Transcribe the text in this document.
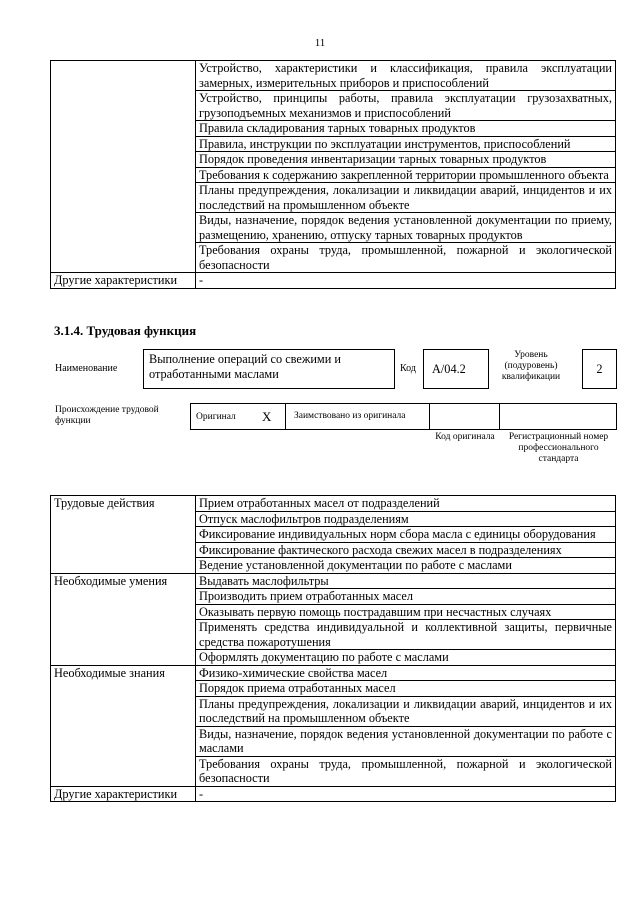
11
	Устройство, характеристики и классификация, правила эксплуатации замерных, измерительных приборов и приспособлений
	Устройство, принципы работы, правила эксплуатации грузозахватных, грузоподъемных механизмов и приспособлений
	Правила складирования тарных товарных продуктов
	Правила, инструкции по эксплуатации инструментов, приспособлений
	Порядок проведения инвентаризации тарных товарных продуктов
	Требования к содержанию закрепленной территории промышленного объекта
	Планы предупреждения, локализации и ликвидации аварий, инцидентов и их последствий на промышленном объекте
	Виды, назначение, порядок ведения установленной документации по приему, размещению, хранению, отпуску тарных товарных продуктов
	Требования охраны труда, промышленной, пожарной и экологической безопасности
Другие характеристики	-
3.1.4. Трудовая функция
Наименование
Выполнение операций со свежими и отработанными маслами	Код	А/04.2
Уровень (подуровень) квалификации
2
Происхождение трудовой функции	Оригинал Х	Заимствовано из оригинала
Код оригинала	Регистрационный номер профессионального стандарта
Трудовые действия	Прием отработанных масел от подразделений
	Отпуск маслофильтров подразделениям
	Фиксирование индивидуальных норм сбора масла с единицы оборудования
	Фиксирование фактического расхода свежих масел в подразделениях
	Ведение установленной документации по работе с маслами
Необходимые умения	Выдавать маслофильтры
	Производить прием отработанных масел
	Оказывать первую помощь пострадавшим при несчастных случаях
	Применять средства индивидуальной и коллективной защиты, первичные средства пожаротушения
	Оформлять документацию по работе с маслами
Необходимые знания	Физико-химические свойства масел
	Порядок приема отработанных масел
	Планы предупреждения, локализации и ликвидации аварий, инцидентов и их последствий на промышленном объекте
	Виды, назначение, порядок ведения установленной документации по работе с маслами
	Требования охраны труда, промышленной, пожарной и экологической безопасности
Другие характеристики	-
